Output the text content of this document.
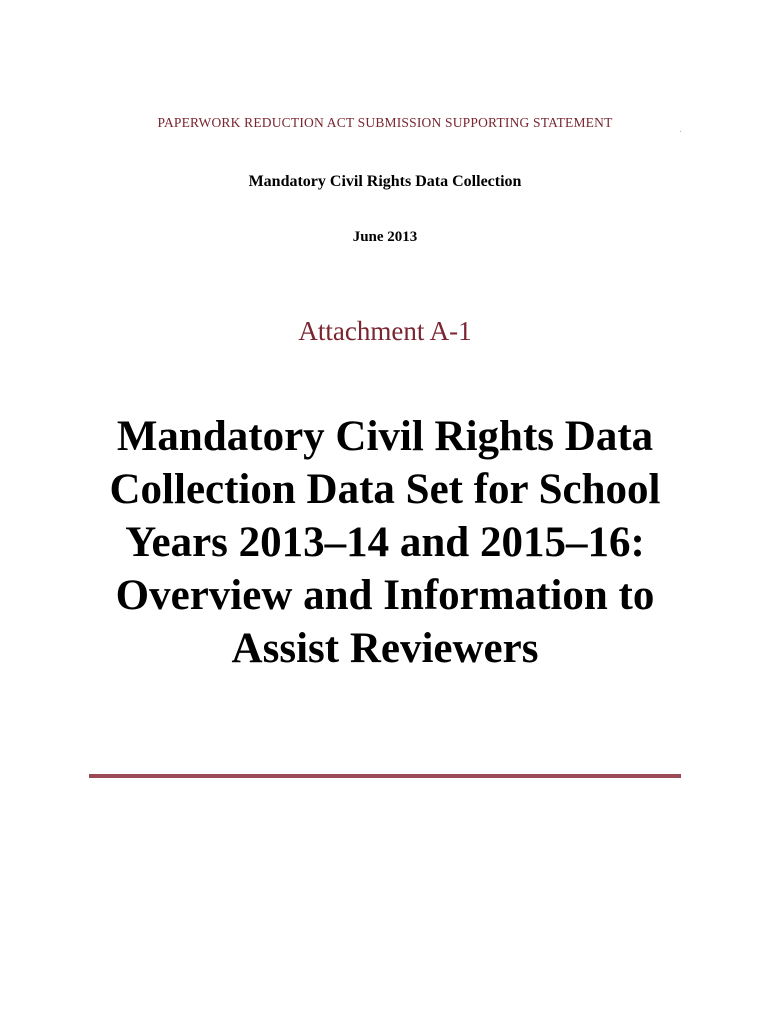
PAPERWORK REDUCTION ACT SUBMISSION SUPPORTING STATEMENT
Mandatory Civil Rights Data Collection
June 2013
Attachment A-1
Mandatory Civil Rights Data
Collection Data Set for School
Years 2013–14 and 2015–16:
Overview and Information to
Assist Reviewers
